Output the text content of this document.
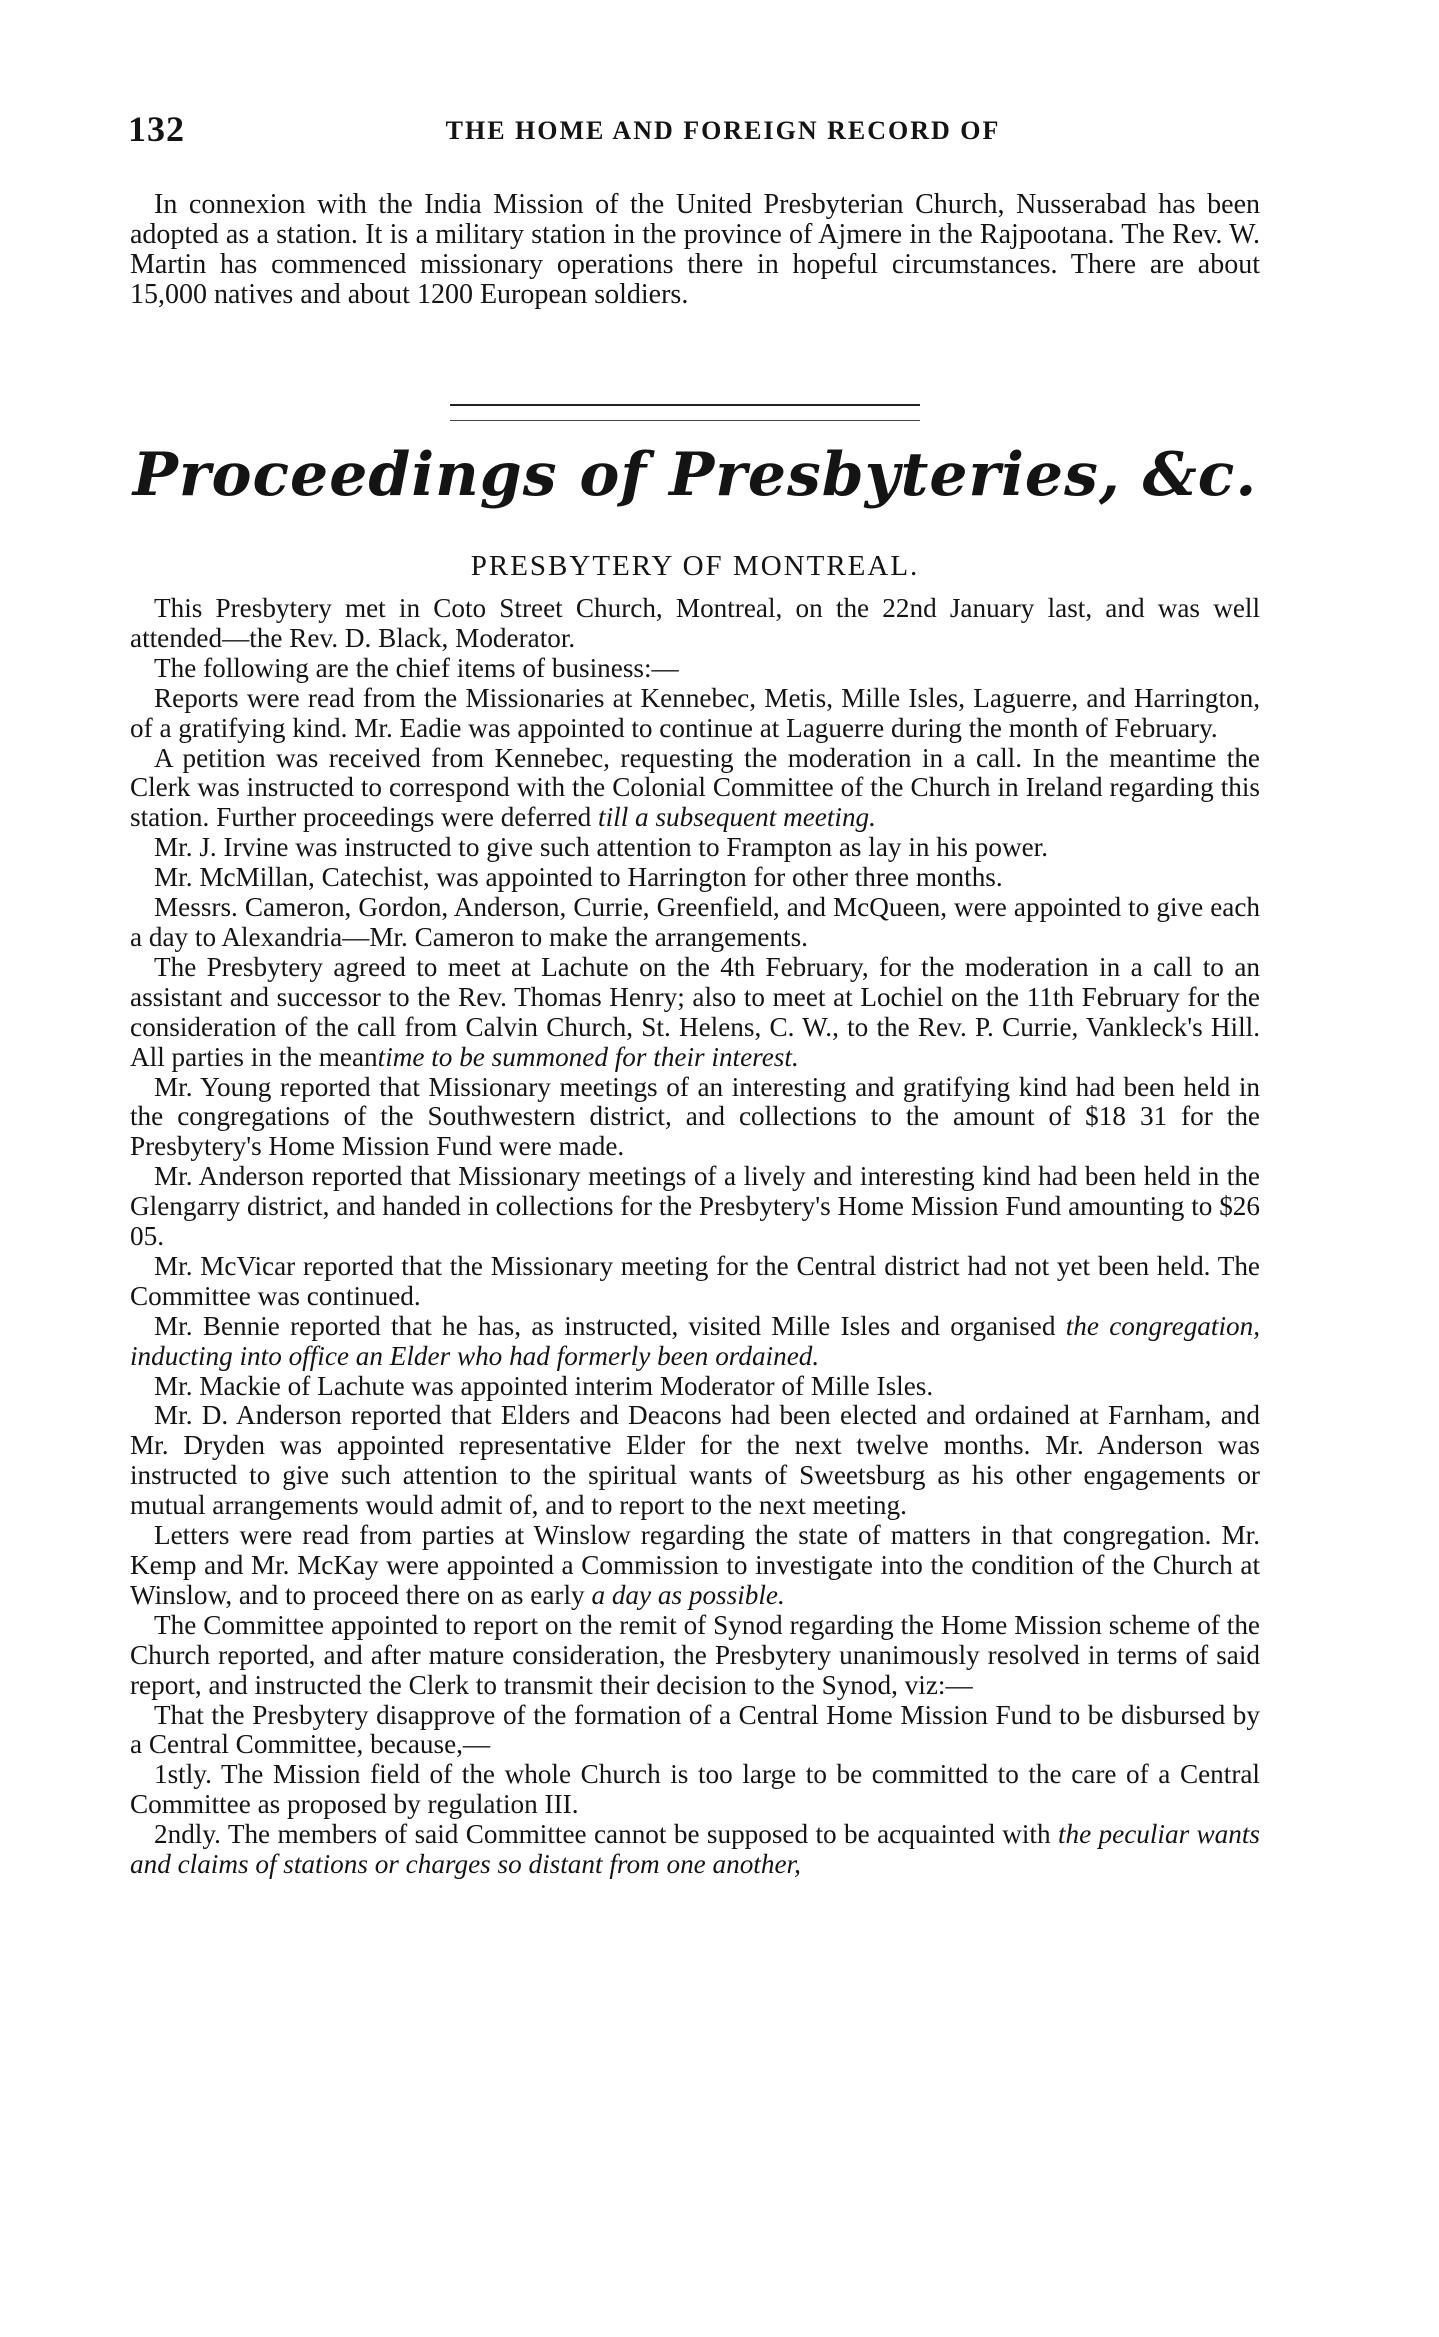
132	THE HOME AND FOREIGN RECORD OF

In connexion with the India Mission of the United Presbyterian Church, Nusserabad has been adopted as a station. It is a military station in the province of Ajmere in the Rajpootana. The Rev. W. Martin has commenced missionary operations there in hopeful circumstances. There are about 15,000 natives and about 1200 European soldiers.

Proceedings of Presbyteries, &c.
PRESBYTERY OF MONTREAL.

This Presbytery met in Coto Street Church, Montreal, on the 22nd January last, and was well attended—the Rev. D. Black, Moderator.

The following are the chief items of business:—

Reports were read from the Missionaries at Kennebec, Metis, Mille Isles, Laguerre, and Harrington, of a gratifying kind. Mr. Eadie was appointed to continue at Laguerre during the month of February.

A petition was received from Kennebec, requesting the moderation in a call. In the meantime the Clerk was instructed to correspond with the Colonial Committee of the Church in Ireland regarding this station. Further proceedings were deferred till a subsequent meeting.

Mr. J. Irvine was instructed to give such attention to Frampton as lay in his power.

Mr. McMillan, Catechist, was appointed to Harrington for other three months.

Messrs. Cameron, Gordon, Anderson, Currie, Greenfield, and McQueen, were appointed to give each a day to Alexandria—Mr. Cameron to make the arrangements.

The Presbytery agreed to meet at Lachute on the 4th February, for the moderation in a call to an assistant and successor to the Rev. Thomas Henry; also to meet at Lochiel on the 11th February for the consideration of the call from Calvin Church, St. Helens, C. W., to the Rev. P. Currie, Vankleck's Hill. All parties in the meantime to be summoned for their interest.

Mr. Young reported that Missionary meetings of an interesting and gratifying kind had been held in the congregations of the Southwestern district, and collections to the amount of $18 31 for the Presbytery's Home Mission Fund were made.

Mr. Anderson reported that Missionary meetings of a lively and interesting kind had been held in the Glengarry district, and handed in collections for the Presbytery's Home Mission Fund amounting to $26 05.

Mr. McVicar reported that the Missionary meeting for the Central district had not yet been held. The Committee was continued.

Mr. Bennie reported that he has, as instructed, visited Mille Isles and organised the congregation, inducting into office an Elder who had formerly been ordained.

Mr. Mackie of Lachute was appointed interim Moderator of Mille Isles.

Mr. D. Anderson reported that Elders and Deacons had been elected and ordained at Farnham, and Mr. Dryden was appointed representative Elder for the next twelve months. Mr. Anderson was instructed to give such attention to the spiritual wants of Sweetsburg as his other engagements or mutual arrangements would admit of, and to report to the next meeting.

Letters were read from parties at Winslow regarding the state of matters in that congregation. Mr. Kemp and Mr. McKay were appointed a Commission to investigate into the condition of the Church at Winslow, and to proceed there on as early a day as possible.

The Committee appointed to report on the remit of Synod regarding the Home Mission scheme of the Church reported, and after mature consideration, the Presbytery unanimously resolved in terms of said report, and instructed the Clerk to transmit their decision to the Synod, viz:—

That the Presbytery disapprove of the formation of a Central Home Mission Fund to be disbursed by a Central Committee, because,—

1stly. The Mission field of the whole Church is too large to be committed to the care of a Central Committee as proposed by regulation III.

2ndly. The members of said Committee cannot be supposed to be acquainted with the peculiar wants and claims of stations or charges so distant from one another,
